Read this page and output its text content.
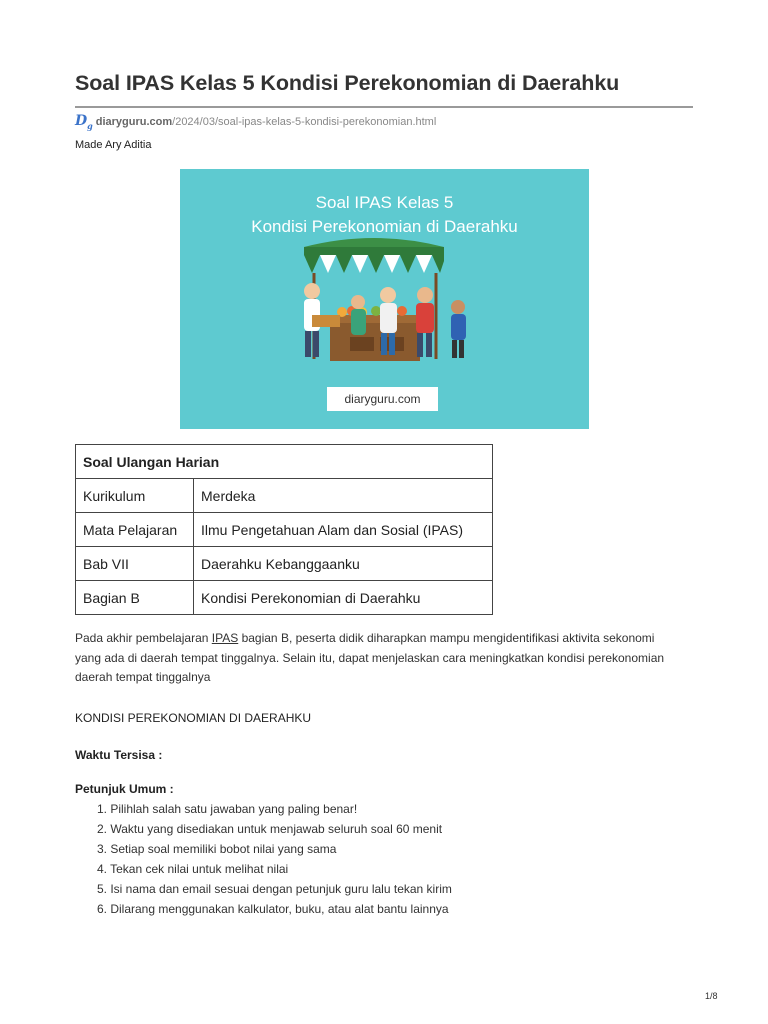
Soal IPAS Kelas 5 Kondisi Perekonomian di Daerahku
$D_g$ diaryguru.com /2024/03/soal-ipas-kelas-5-kondisi-perekonomian.html
Made Ary Aditia
Soal IPAS Kelas 5
Kondisi Perekonomian di Daerahku
diaryguru.com
Soal Ulangan Harian	
Kurikulum	Merdeka
Mata Pelajaran	Ilmu Pengetahuan Alam dan Sosial (IPAS)
Bab VII	Daerahku Kebanggaanku
Bagian B	Kondisi Perekonomian di Daerahku
Pada akhir pembelajaran IPAS bagian B, peserta didik diharapkan mampu mengidentifikasi aktivita sekonomi yang ada di daerah tempat tinggalnya. Selain itu, dapat menjelaskan cara meningkatkan kondisi perekonomian daerah tempat tinggalnya
KONDISI PEREKONOMIAN DI DAERAHKU
Waktu Tersisa :
Petunjuk Umum :
1. Pilihlah salah satu jawaban yang paling benar!
2. Waktu yang disediakan untuk menjawab seluruh soal 60 menit
3. Setiap soal memiliki bobot nilai yang sama
4. Tekan cek nilai untuk melihat nilai
5. Isi nama dan email sesuai dengan petunjuk guru lalu tekan kirim
6. Dilarang menggunakan kalkulator, buku, atau alat bantu lainnya
1/8
